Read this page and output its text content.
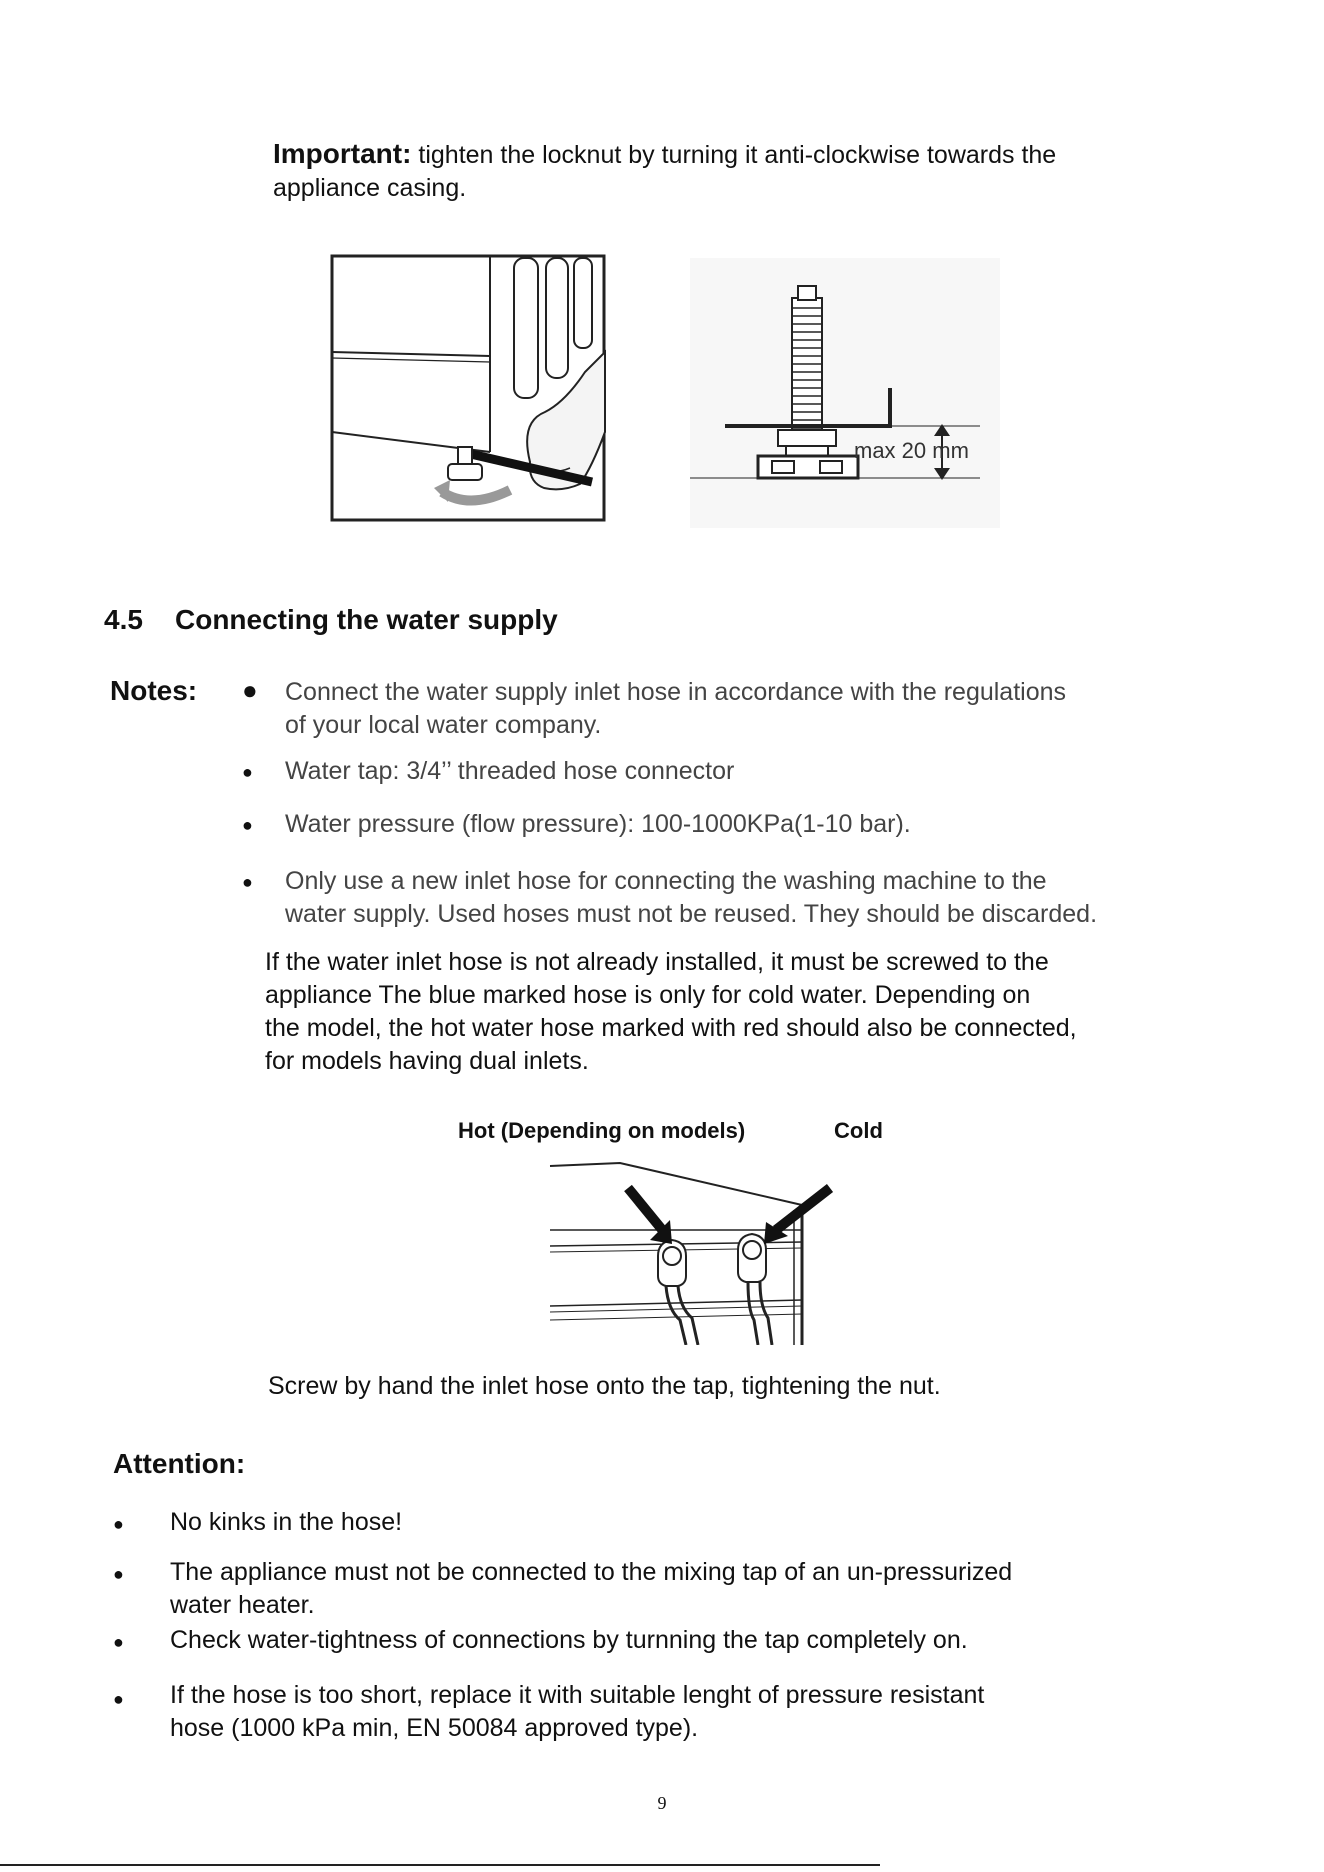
Important: tighten the locknut by turning it anti-clockwise towards the
appliance casing.
max 20 mm
4.5 Connecting the water supply
Notes: ● Connect the water supply inlet hose in accordance with the regulations
of your local water company.
● Water tap: 3/4’’ threaded hose connector
● Water pressure (flow pressure): 100-1000KPa(1-10 bar).
● Only use a new inlet hose for connecting the washing machine to the
water supply. Used hoses must not be reused. They should be discarded.
If the water inlet hose is not already installed, it must be screwed to the
appliance The blue marked hose is only for cold water. Depending on
the model, the hot water hose marked with red should also be connected,
for models having dual inlets.
Hot (Depending on models)	Cold
Screw by hand the inlet hose onto the tap, tightening the nut.
Attention:
● No kinks in the hose!
● The appliance must not be connected to the mixing tap of an un-pressurized
water heater.
● Check water-tightness of connections by turnning the tap completely on.
● If the hose is too short, replace it with suitable lenght of pressure resistant
hose (1000 kPa min, EN 50084 approved type).
9
